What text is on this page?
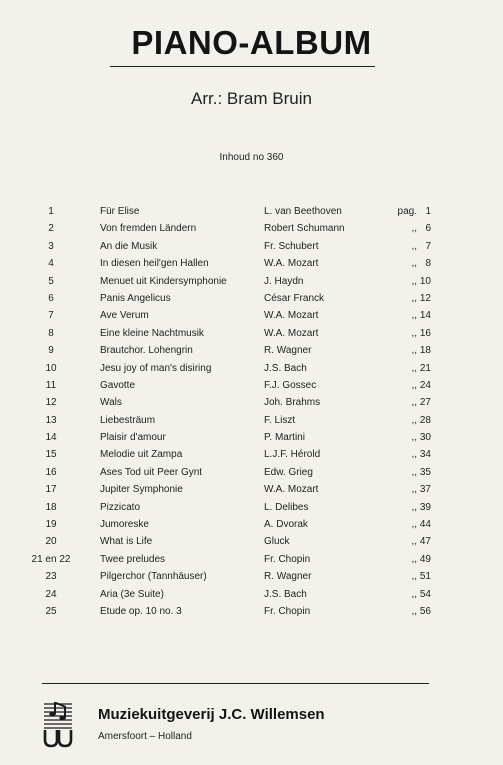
PIANO-ALBUM
Arr.: Bram Bruin
Inhoud no 360
1	Für Elise	L. van Beethoven	pag. 1
2	Von fremden Ländern	Robert Schumann	,, 6
3	An die Musik	Fr. Schubert	,, 7
4	In diesen heil'gen Hallen	W.A. Mozart	,, 8
5	Menuet uit Kindersymphonie	J. Haydn	,, 10
6	Panis Angelicus	César Franck	,, 12
7	Ave Verum	W.A. Mozart	,, 14
8	Eine kleine Nachtmusik	W.A. Mozart	,, 16
9	Brautchor. Lohengrin	R. Wagner	,, 18
10	Jesu joy of man's disiring	J.S. Bach	,, 21
11	Gavotte	F.J. Gossec	,, 24
12	Wals	Joh. Brahms	,, 27
13	Liebesträum	F. Liszt	,, 28
14	Plaisir d'amour	P. Martini	,, 30
15	Melodie uit Zampa	L.J.F. Hérold	,, 34
16	Ases Tod uit Peer Gynt	Edw. Grieg	,, 35
17	Jupiter Symphonie	W.A. Mozart	,, 37
18	Pizzicato	L. Delibes	,, 39
19	Jumoreske	A. Dvorak	,, 44
20	What is Life	Gluck	,, 47
21 en 22	Twee preludes	Fr. Chopin	,, 49
23	Pilgerchor (Tannhäuser)	R. Wagner	,, 51
24	Aria (3e Suite)	J.S. Bach	,, 54
25	Etude op. 10 no. 3	Fr. Chopin	,, 56
Muziekuitgeverij J.C. Willemsen
Amersfoort – Holland
